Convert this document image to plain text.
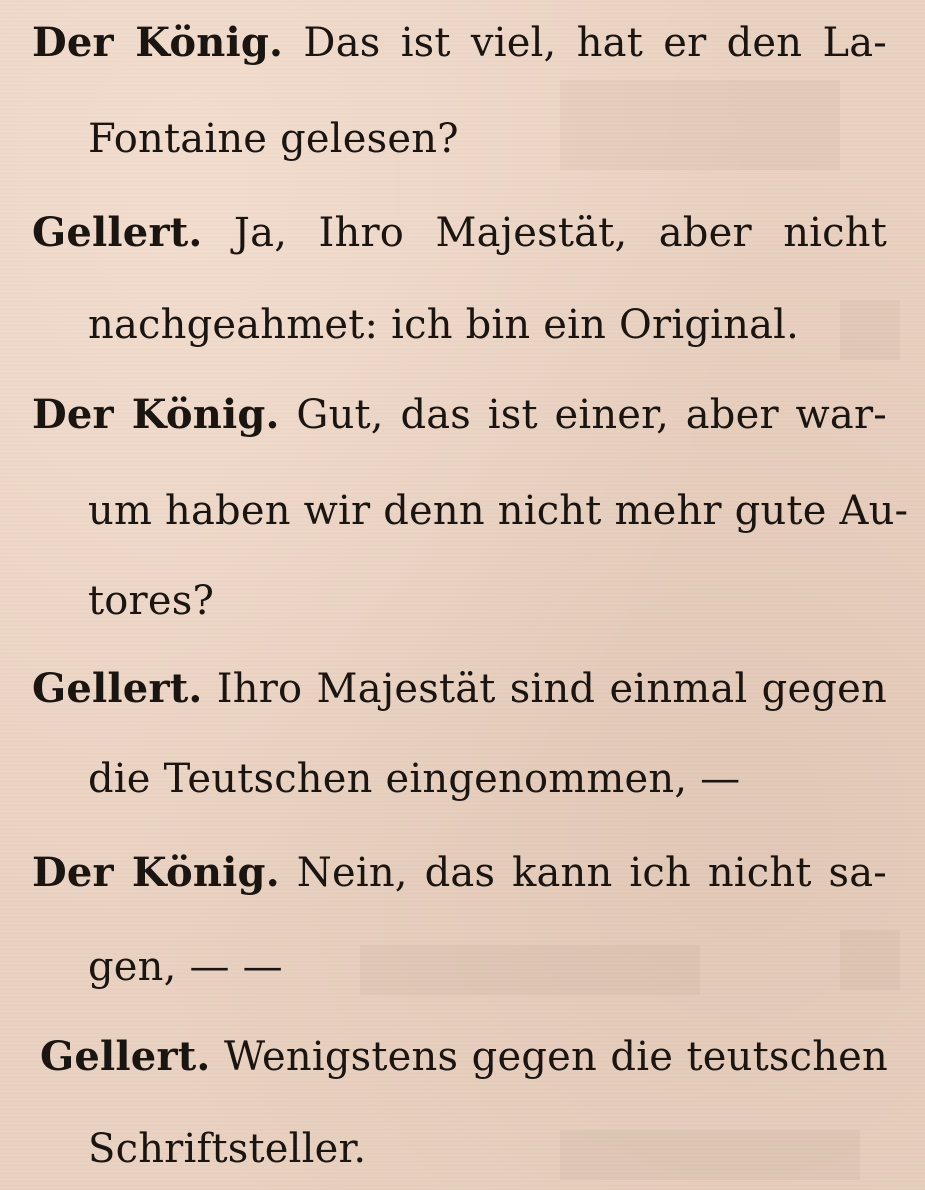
Der König. Das ist viel, hat er den La-
Fontaine gelesen?
Gellert. Ja, Ihro Majestät, aber nicht
nachgeahmet: ich bin ein Original.
Der König. Gut, das ist einer, aber war-
um haben wir denn nicht mehr gute Au-
tores?
Gellert. Ihro Majestät sind einmal gegen
die Teutschen eingenommen, —
Der König. Nein, das kann ich nicht sa-
gen, — —
Gellert. Wenigstens gegen die teutschen
Schriftsteller.
